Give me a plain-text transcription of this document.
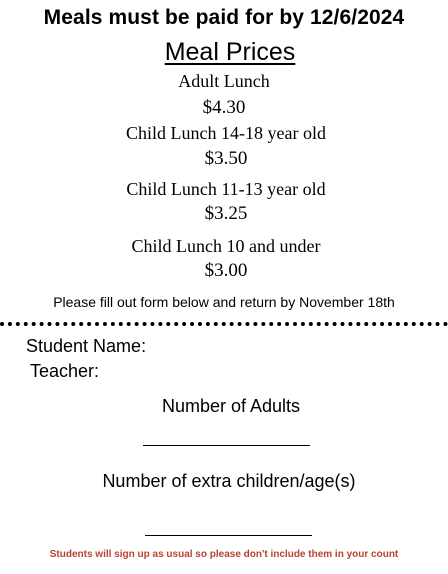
Meals must be paid for by 12/6/2024
Meal Prices
Adult Lunch
$4.30
Child Lunch 14-18 year old
$3.50
Child Lunch 11-13 year old
$3.25
Child Lunch 10 and under
$3.00
Please fill out form below and return by November 18th
Student Name:
Teacher:
Number of Adults
Number of extra children/age(s)
Students will sign up as usual so please don't include them in your count
